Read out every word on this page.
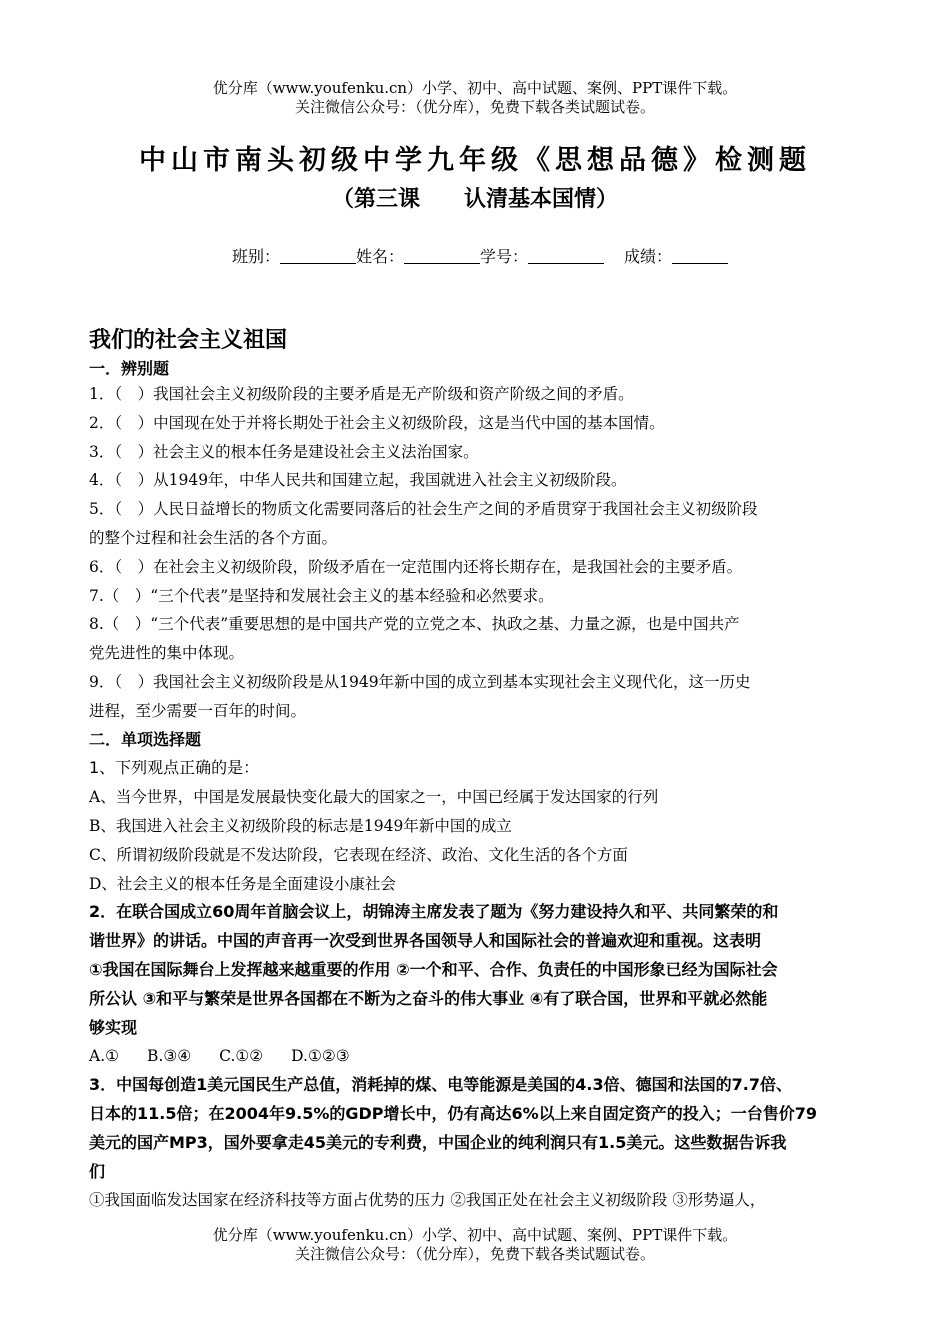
优分库（www.youfenku.cn）小学、初中、高中试题、案例、PPT课件下载。
关注微信公众号：（优分库），免费下载各类试题试卷。
中山市南头初级中学九年级《思想品德》检测题
（第三课　　认清基本国情）
班别：	姓名：	学号：	成绩：
我们的社会主义祖国
一．辨别题
1．（　）我国社会主义初级阶段的主要矛盾是无产阶级和资产阶级之间的矛盾。
2．（　）中国现在处于并将长期处于社会主义初级阶段，这是当代中国的基本国情。
3．（　）社会主义的根本任务是建设社会主义法治国家。
4．（　）从1949年，中华人民共和国建立起，我国就进入社会主义初级阶段。
5．（　）人民日益增长的物质文化需要同落后的社会生产之间的矛盾贯穿于我国社会主义初级阶段
的整个过程和社会生活的各个方面。
6．（　）在社会主义初级阶段，阶级矛盾在一定范围内还将长期存在，是我国社会的主要矛盾。
7.（　）“三个代表”是坚持和发展社会主义的基本经验和必然要求。
8.（　）“三个代表”重要思想的是中国共产党的立党之本、执政之基、力量之源，也是中国共产
党先进性的集中体现。
9．（　）我国社会主义初级阶段是从1949年新中国的成立到基本实现社会主义现代化，这一历史
进程，至少需要一百年的时间。
二．单项选择题
1、下列观点正确的是：
A、当今世界，中国是发展最快变化最大的国家之一，中国已经属于发达国家的行列
B、我国进入社会主义初级阶段的标志是1949年新中国的成立
C、所谓初级阶段就是不发达阶段，它表现在经济、政治、文化生活的各个方面
D、社会主义的根本任务是全面建设小康社会
2．在联合国成立60周年首脑会议上，胡锦涛主席发表了题为《努力建设持久和平、共同繁荣的和
谐世界》的讲话。中国的声音再一次受到世界各国领导人和国际社会的普遍欢迎和重视。这表明
①我国在国际舞台上发挥越来越重要的作用 ②一个和平、合作、负责任的中国形象已经为国际社会
所公认 ③和平与繁荣是世界各国都在不断为之奋斗的伟大事业 ④有了联合国，世界和平就必然能
够实现
A.① B.③④ C.①② D.①②③
3．中国每创造1美元国民生产总值，消耗掉的煤、电等能源是美国的4.3倍、德国和法国的7.7倍、
日本的11.5倍；在2004年9.5%的GDP增长中，仍有高达6%以上来自固定资产的投入；一台售价79
美元的国产MP3，国外要拿走45美元的专利费，中国企业的纯利润只有1.5美元。这些数据告诉我
们
①我国面临发达国家在经济科技等方面占优势的压力 ②我国正处在社会主义初级阶段 ③形势逼人，
优分库（www.youfenku.cn）小学、初中、高中试题、案例、PPT课件下载。
关注微信公众号：（优分库），免费下载各类试题试卷。
